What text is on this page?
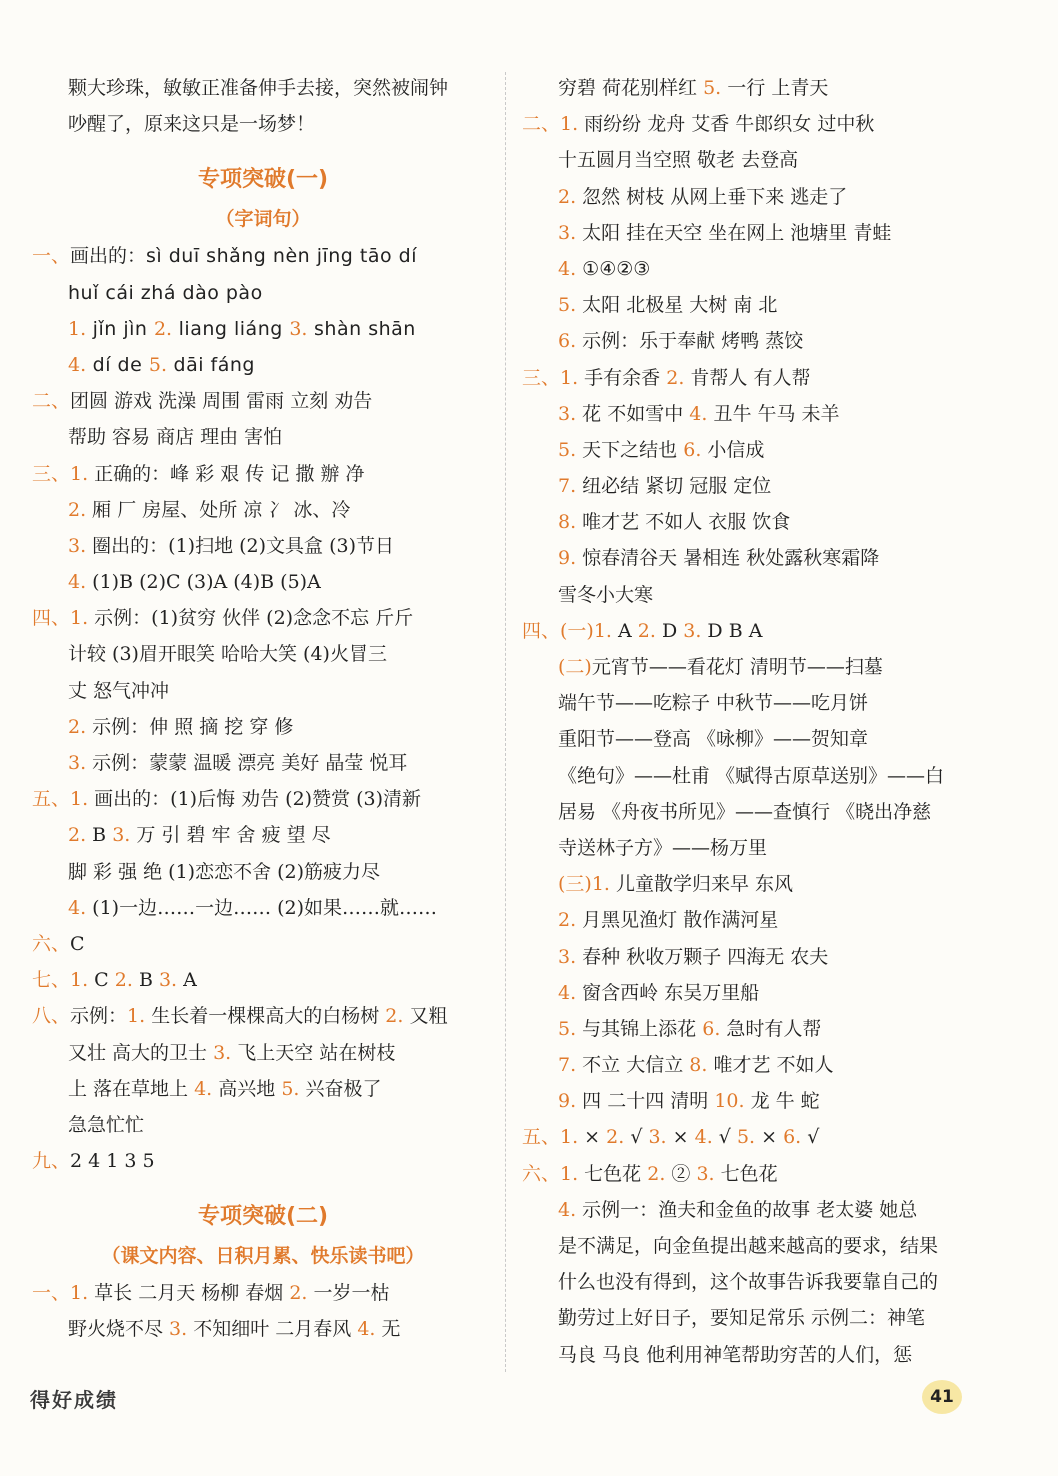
颗大珍珠，敏敏正准备伸手去接，突然被闹钟
吵醒了，原来这只是一场梦！
专项突破(一)
（字词句）
一、画出的：sì duī shǎng nèn jīng tāo dí
huǐ cái zhá dào pào
1. jǐn jìn 2. liang liáng 3. shàn shān
4. dí de 5. dāi fáng
二、团圆 游戏 洗澡 周围 雷雨 立刻 劝告
帮助 容易 商店 理由 害怕
三、1. 正确的：峰 彩 艰 传 记 撒 辦 净
2. 厢 厂 房屋、处所 凉 冫 冰、冷
3. 圈出的：(1)扫地 (2)文具盒 (3)节日
4. (1)B (2)C (3)A (4)B (5)A
四、1. 示例：(1)贫穷 伙伴 (2)念念不忘 斤斤
计较 (3)眉开眼笑 哈哈大笑 (4)火冒三
丈 怒气冲冲
2. 示例：伸 照 摘 挖 穿 修
3. 示例：蒙蒙 温暖 漂亮 美好 晶莹 悦耳
五、1. 画出的：(1)后悔 劝告 (2)赞赏 (3)清新
2. B 3. 万 引 碧 牢 舍 疲 望 尽
脚 彩 强 绝 (1)恋恋不舍 (2)筋疲力尽
4. (1)一边……一边…… (2)如果……就……
六、C
七、1. C 2. B 3. A
八、示例：1. 生长着一棵棵高大的白杨树 2. 又粗
又壮 高大的卫士 3. 飞上天空 站在树枝
上 落在草地上 4. 高兴地 5. 兴奋极了
急急忙忙
九、2 4 1 3 5
专项突破(二)
（课文内容、日积月累、快乐读书吧）
一、1. 草长 二月天 杨柳 春烟 2. 一岁一枯
野火烧不尽 3. 不知细叶 二月春风 4. 无
穷碧 荷花别样红 5. 一行 上青天
二、1. 雨纷纷 龙舟 艾香 牛郎织女 过中秋
十五圆月当空照 敬老 去登高
2. 忽然 树枝 从网上垂下来 逃走了
3. 太阳 挂在天空 坐在网上 池塘里 青蛙
4. ①④②③
5. 太阳 北极星 大树 南 北
6. 示例：乐于奉献 烤鸭 蒸饺
三、1. 手有余香 2. 肯帮人 有人帮
3. 花 不如雪中 4. 丑牛 午马 未羊
5. 天下之结也 6. 小信成
7. 纽必结 紧切 冠服 定位
8. 唯才艺 不如人 衣服 饮食
9. 惊春清谷天 暑相连 秋处露秋寒霜降
雪冬小大寒
四、(一)1. A 2. D 3. D B A
(二)元宵节——看花灯 清明节——扫墓
端午节——吃粽子 中秋节——吃月饼
重阳节——登高 《咏柳》——贺知章
《绝句》——杜甫 《赋得古原草送别》——白
居易 《舟夜书所见》——查慎行 《晓出净慈
寺送林子方》——杨万里
(三)1. 儿童散学归来早 东风
2. 月黑见渔灯 散作满河星
3. 春种 秋收万颗子 四海无 农夫
4. 窗含西岭 东吴万里船
5. 与其锦上添花 6. 急时有人帮
7. 不立 大信立 8. 唯才艺 不如人
9. 四 二十四 清明 10. 龙 牛 蛇
五、1. × 2. √ 3. × 4. √ 5. × 6. √
六、1. 七色花 2. ② 3. 七色花
4. 示例一：渔夫和金鱼的故事 老太婆 她总
是不满足，向金鱼提出越来越高的要求，结果
什么也没有得到，这个故事告诉我要靠自己的
勤劳过上好日子，要知足常乐 示例二：神笔
马良 马良 他利用神笔帮助穷苦的人们，惩
得好成绩	41
